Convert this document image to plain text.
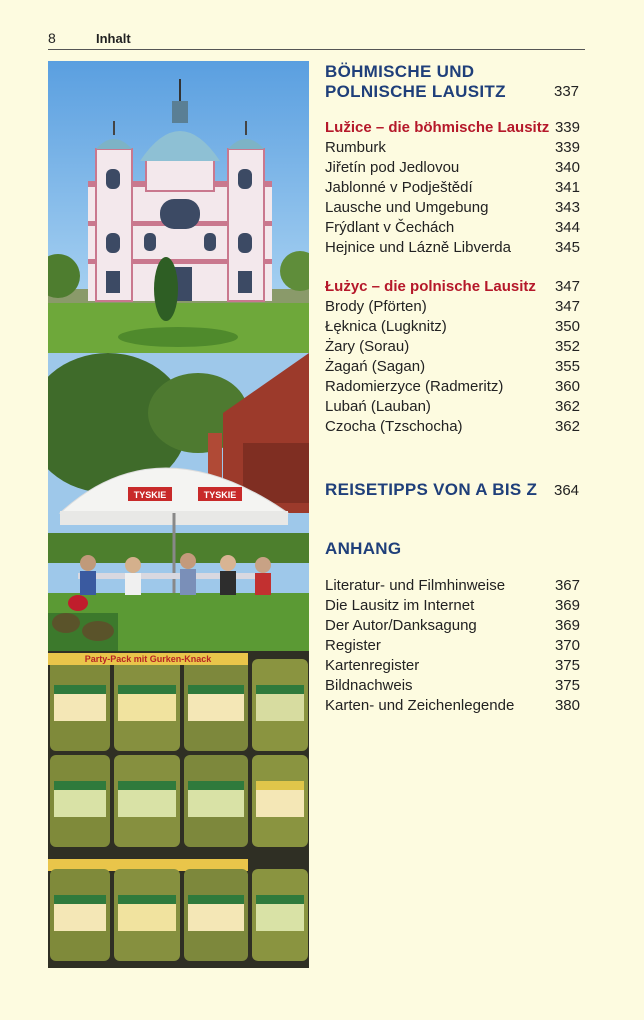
8	Inhalt
TYSKIE	TYSKIE
Party-Pack mit Gurken-Knack
BÖHMISCHE UND
POLNISCHE LAUSITZ	337
Lužice – die böhmische Lausitz 339
Rumburk	339
Jiřetín pod Jedlovou	340
Jablonné v Podještědí	341
Lausche und Umgebung	343
Frýdlant v Čechách	344
Hejnice und Lázně Libverda	345
Łużyc – die polnische Lausitz 347
Brody (Pförten)	347
Łęknica (Lugknitz)	350
Żary (Sorau)	352
Żagań (Sagan)	355
Radomierzyce (Radmeritz)	360
Lubań (Lauban)	362
Czocha (Tzschocha)	362
REISETIPPS VON A BIS Z 364
ANHANG
Literatur- und Filmhinweise	367
Die Lausitz im Internet	369
Der Autor/Danksagung	369
Register	370
Kartenregister	375
Bildnachweis	375
Karten- und Zeichenlegende	380
